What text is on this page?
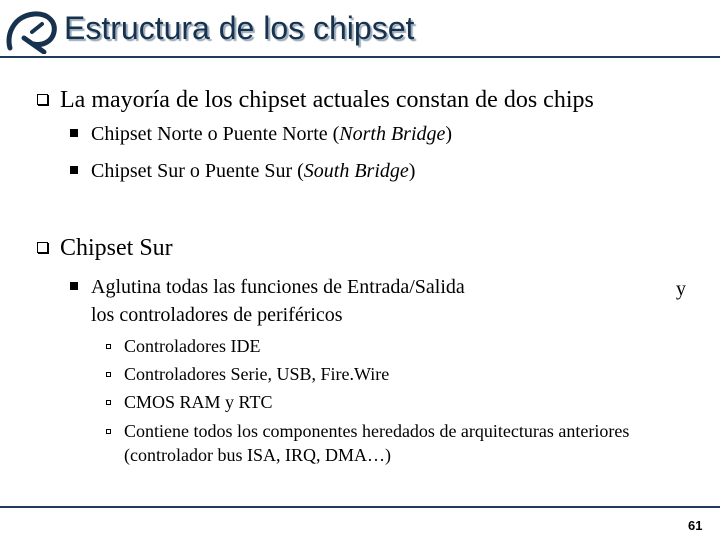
Estructura de los chipset
La mayoría de los chipset actuales constan de dos chips
Chipset Norte o Puente Norte (North Bridge)
Chipset Sur o Puente Sur (South Bridge)
Chipset Sur
Aglutina todas las funciones de Entrada/Salida	y
los controladores de periféricos
Controladores IDE
Controladores Serie, USB, Fire.Wire
CMOS RAM y RTC
Contiene todos los componentes heredados de arquitecturas anteriores
(controlador bus ISA, IRQ, DMA…)
61
